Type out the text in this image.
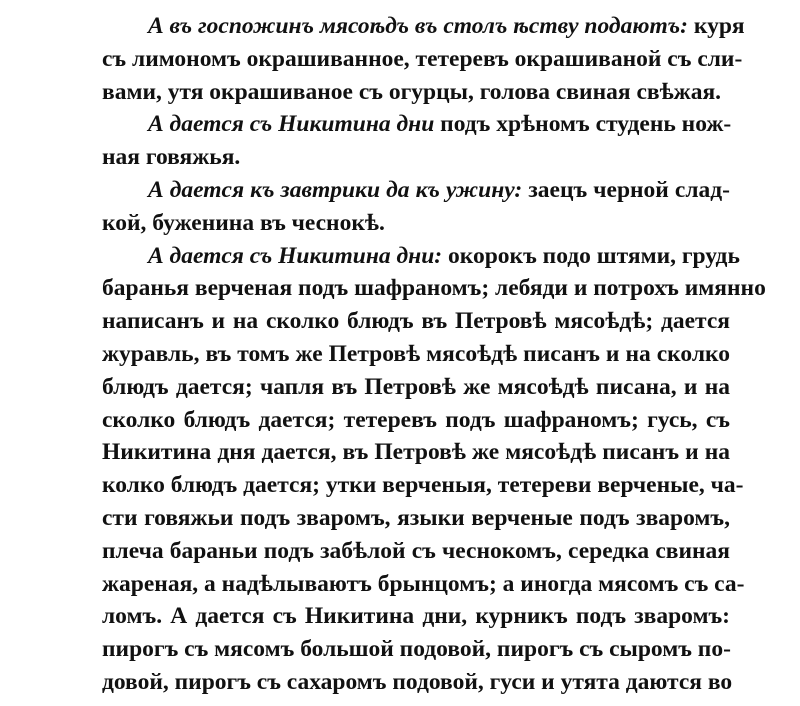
А въ госпожинъ мясоѣдъ въ столъ ѣству подаютъ: куря
съ лимономъ окрашиванное, тетеревъ окрашиваной съ сли-
вами, утя окрашиваное съ огурцы, голова свиная свѣжая.
А дается съ Никитина дни подъ хрѣномъ студень нож-
ная говяжья.
А дается къ завтрики да къ ужину: заецъ черной слад-
кой, буженина въ чеснокѣ.
А дается съ Никитина дни: окорокъ подо штями, грудь
баранья верченая подъ шафраномъ; лебяди и потрохъ имянно
написанъ и на сколко блюдъ въ Петровѣ мясоѣдѣ; дается
журавль, въ томъ же Петровѣ мясоѣдѣ писанъ и на сколко
блюдъ дается; чапля въ Петровѣ же мясоѣдѣ писана, и на
сколко блюдъ дается; тетеревъ подъ шафраномъ; гусь, съ
Никитина дня дается, въ Петровѣ же мясоѣдѣ писанъ и на
колко блюдъ дается; утки верченыя, тетереви верченые, ча-
сти говяжьи подъ зваромъ, языки верченые подъ зваромъ,
плеча бараньи подъ забѣлой съ чеснокомъ, середка свиная
жареная, а надѣлываютъ брынцомъ; а иногда мясомъ съ са-
ломъ. А дается съ Никитина дни, курникъ подъ зваромъ:
пирогъ съ мясомъ большой подовой, пирогъ съ сыромъ по-
довой, пирогъ съ сахаромъ подовой, гуси и утята даются во
